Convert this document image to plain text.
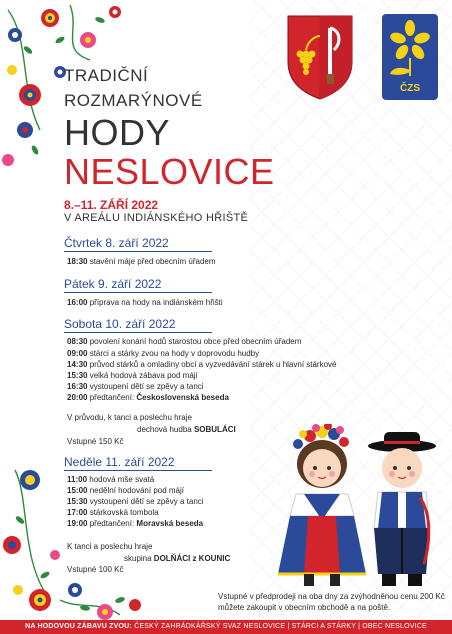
ČZS
TRADIČNÍ
ROZMARÝNOVÉ
HODY
NESLOVICE
8.–11. ZÁŘÍ 2022
V AREÁLU INDIÁNSKÉHO HŘIŠTĚ
Čtvrtek 8. září 2022
18:30 stavění máje před obecním úřadem
Pátek 9. září 2022
16:00 příprava na hody na indiánském hřišti
Sobota 10. září 2022
08:30 povolení konání hodů starostou obce před obecním úřadem
09:00 stárci a stárky zvou na hody v doprovodu hudby
14:30 průvod stárků a omladiny obcí a vyzvedávání stárek u hlavní stárkové
15:30 velká hodová zábava pod májí
16:30 vystoupení dětí se zpěvy a tanci
20:00 předtančení: Československá beseda
V průvodu, k tanci a poslechu hraje
dechová hudba SOBULÁCI
Vstupné 150 Kč
Neděle 11. září 2022
11:00 hodová mše svatá
15:00 nedělní hodování pod májí
15:30 vystoupení dětí se zpěvy a tanci
17:00 stárkovská tombola
19:00 předtančení: Moravská beseda
K tanci a poslechu hraje
skupina DOLŇÁCI z KOUNIC
Vstupné 100 Kč
Vstupné v předprodeji na oba dny za zvýhodněnou cenu 200 Kč
můžete zakoupit v obecním obchodě a na poště.
NA HODOVOU ZÁBAVU ZVOU: ČESKÝ ZAHRÁDKÁŘSKÝ SVAZ NESLOVICE | STÁRCI A STÁRKY | OBEC NESLOVICE
